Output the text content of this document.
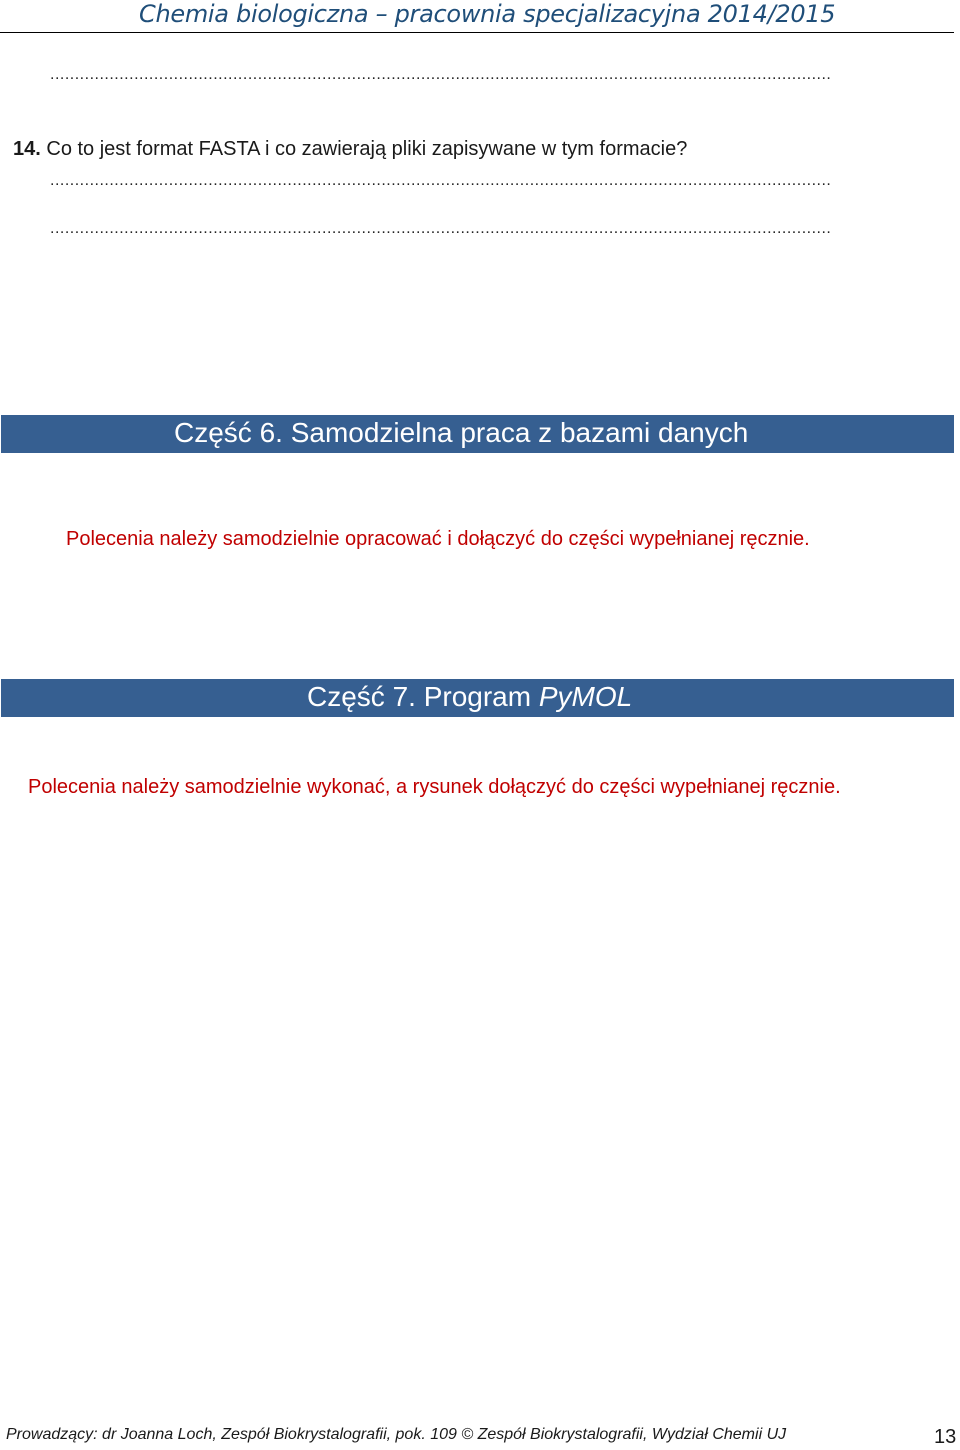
Chemia biologiczna – pracownia specjalizacyjna 2014/2015
..............................................................................................................................................................
14. Co to jest format FASTA i co zawierają pliki zapisywane w tym formacie?
..............................................................................................................................................................
..............................................................................................................................................................
Część 6. Samodzielna praca z bazami danych
Polecenia należy samodzielnie opracować i dołączyć do części wypełnianej ręcznie.
Część 7. Program PyMOL
Polecenia należy samodzielnie wykonać, a rysunek dołączyć do części wypełnianej ręcznie.
Prowadzący: dr Joanna Loch, Zespół Biokrystalografii, pok. 109 © Zespół Biokrystalografii, Wydział Chemii UJ	13
